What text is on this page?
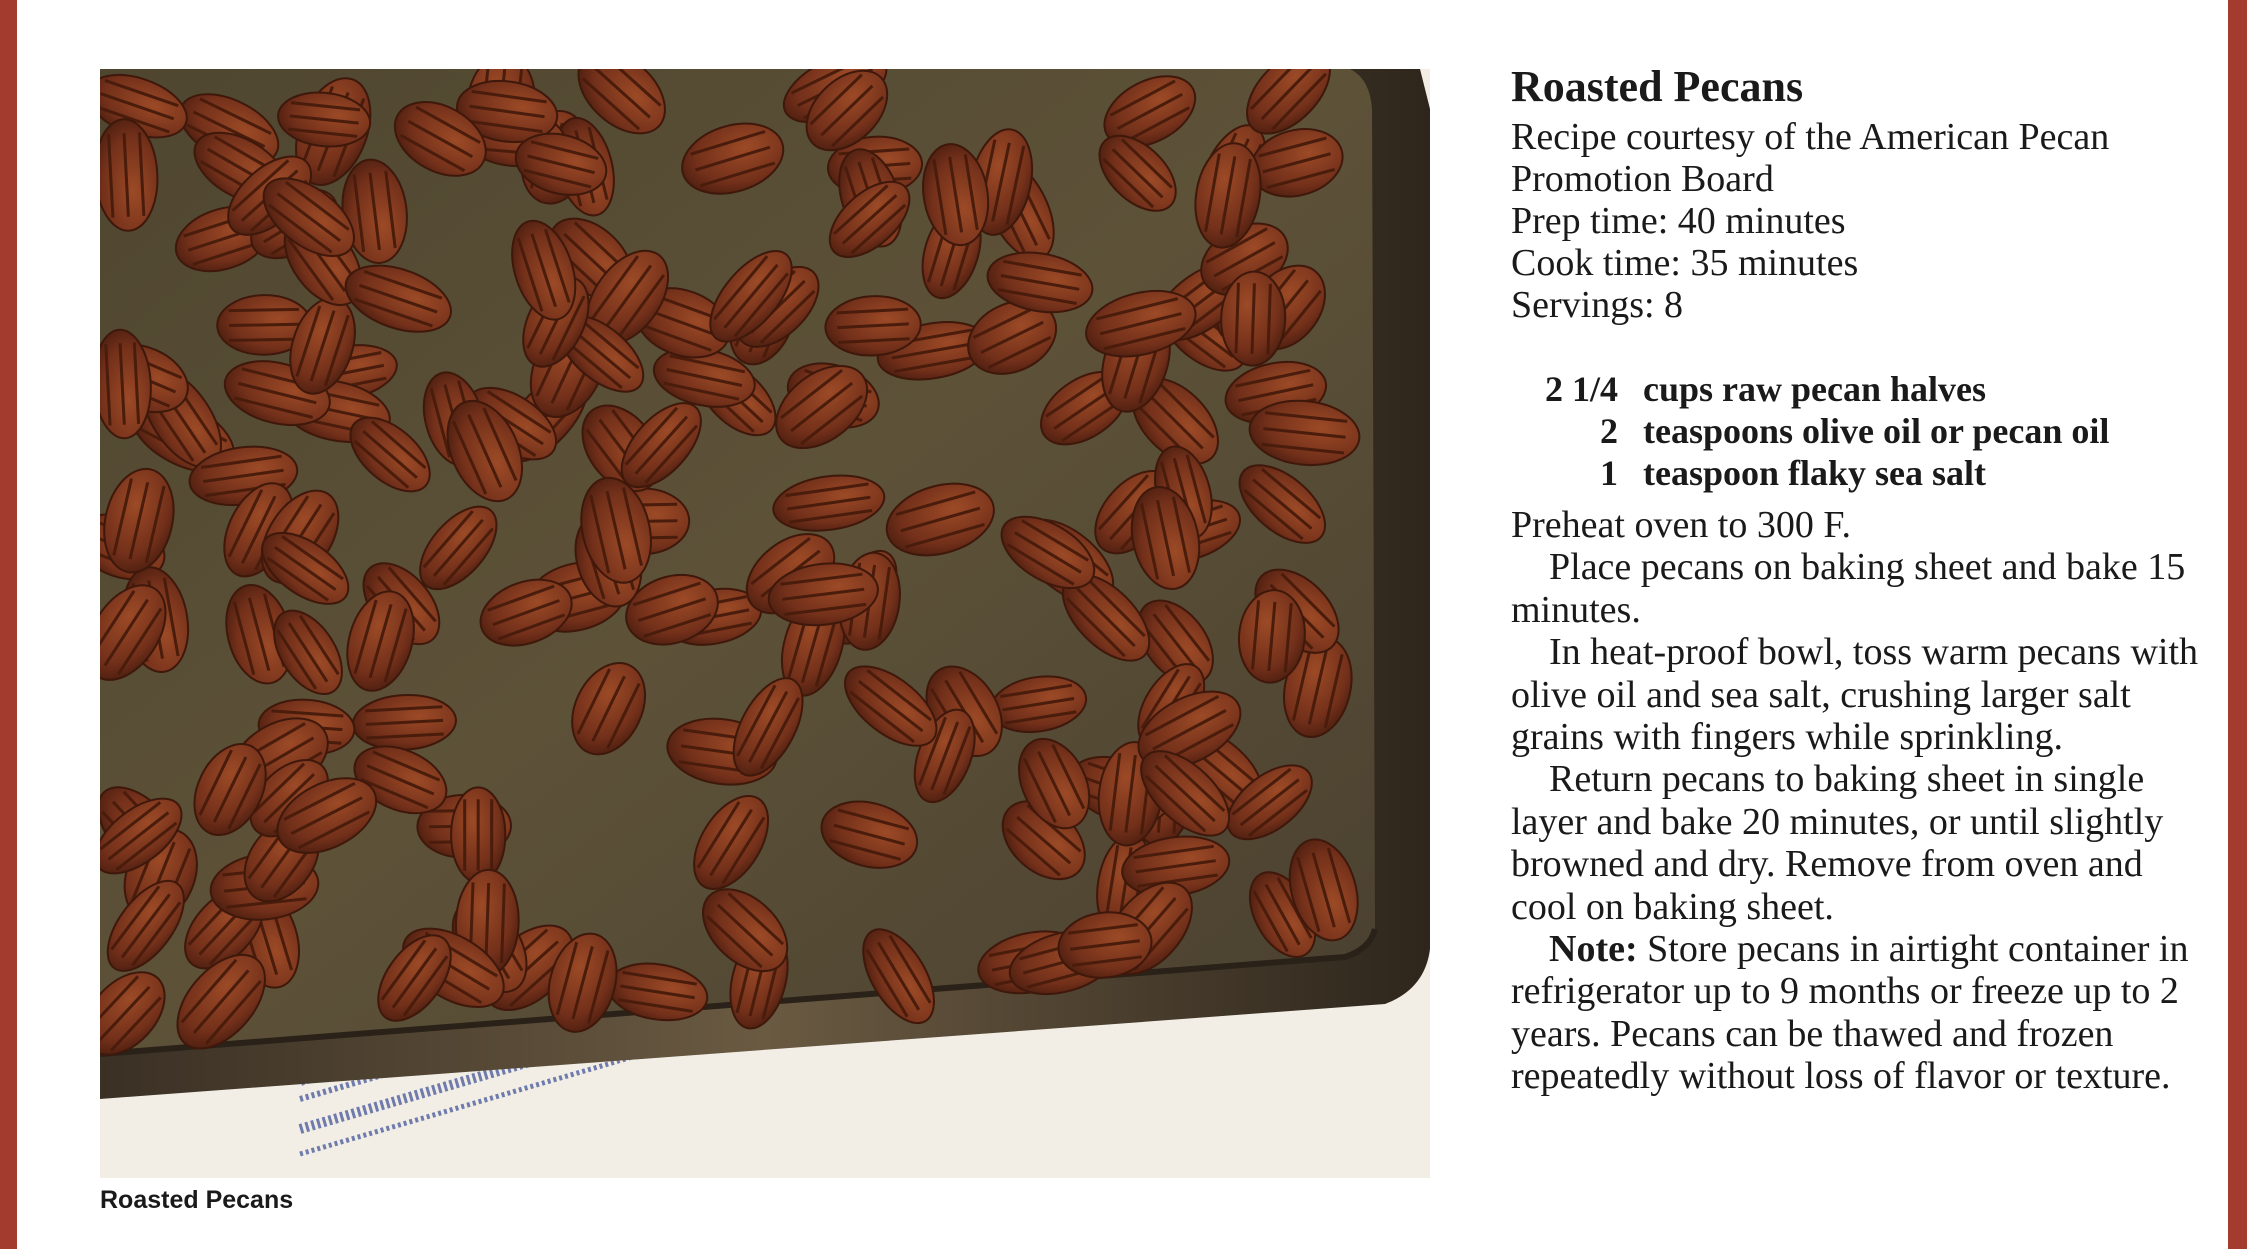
Roasted Pecans
Roasted Pecans
Recipe courtesy of the American Pecan
Promotion Board
Prep time: 40 minutes
Cook time: 35 minutes
Servings: 8
2 1/4 cups raw pecan halves
2 teaspoons olive oil or pecan oil
1 teaspoon flaky sea salt

Preheat oven to 300 F.

Place pecans on baking sheet and bake 15 minutes.

In heat-proof bowl, toss warm pecans with olive oil and sea salt, crushing larger salt grains with fingers while sprinkling.

Return pecans to baking sheet in single layer and bake 20 minutes, or until slightly browned and dry. Remove from oven and cool on baking sheet.

Note: Store pecans in airtight container in refrigerator up to 9 months or freeze up to 2 years. Pecans can be thawed and frozen repeatedly without loss of flavor or texture.
